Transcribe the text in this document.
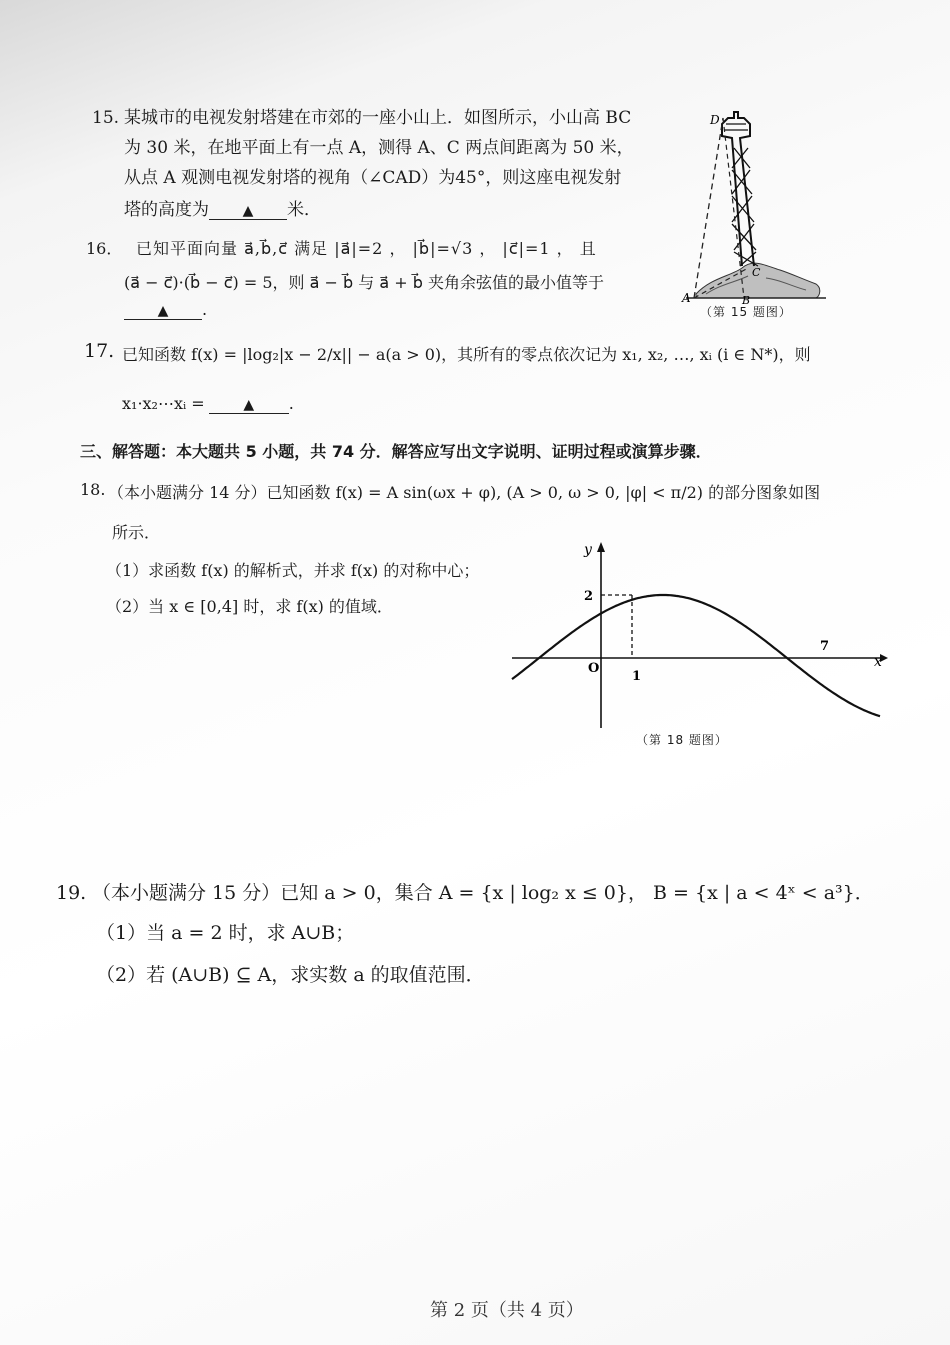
15. 某城市的电视发射塔建在市郊的一座小山上．如图所示，小山高 BC
为 30 米，在地平面上有一点 A，测得 A、C 两点间距离为 50 米，
从点 A 观测电视发射塔的视角（∠CAD）为45°，则这座电视发射
塔的高度为 ▲ 米．
D
C
A	B
（第 15 题图）
16． 已知平面向量 a⃗,b⃗,c⃗ 满足 |a⃗|=2 ， |b⃗|=√3 ， |c⃗|=1 ， 且
(a⃗ − c⃗)·(b⃗ − c⃗) = 5，则 a⃗ − b⃗ 与 a⃗ + b⃗ 夹角余弦值的最小值等于
▲ .
17. 已知函数 f(x) = |log₂|x − 2/x|| − a(a > 0)，其所有的零点依次记为 x₁, x₂, …, xᵢ (i ∈ N*)，则
x₁·x₂⋯xᵢ =	▲ .
三、解答题：本大题共 5 小题，共 74 分．解答应写出文字说明、证明过程或演算步骤．
18. （本小题满分 14 分）已知函数 f(x) = A sin(ωx + φ), (A > 0, ω > 0, |φ| < π/2) 的部分图象如图
所示．
（1）求函数 f(x) 的解析式，并求 f(x) 的对称中心；
（2）当 x ∈ [0,4] 时，求 f(x) 的值域．
y
x
O
1
7
2
（第 18 题图）
19. （本小题满分 15 分）已知 a > 0，集合 A = {x | log₂ x ≤ 0}， B = {x | a < 4ˣ < a³}．
（1）当 a = 2 时，求 A∪B；
（2）若 (A∪B) ⊆ A，求实数 a 的取值范围．
第 2 页（共 4 页）
